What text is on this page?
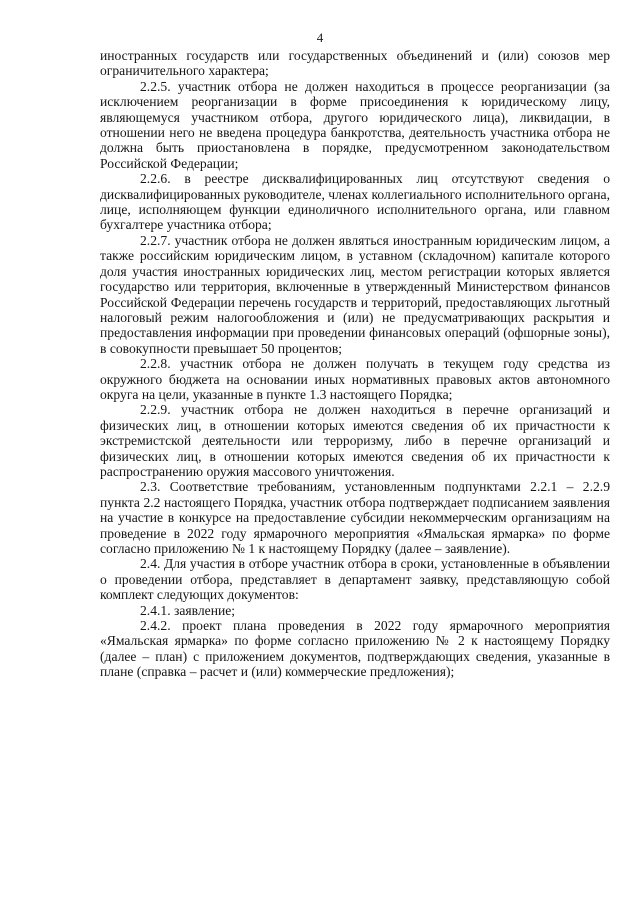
4

иностранных государств или государственных объединений и (или) союзов мер ограничительного характера;

2.2.5. участник отбора не должен находиться в процессе реорганизации (за исключением реорганизации в форме присоединения к юридическому лицу, являющемуся участником отбора, другого юридического лица), ликвидации, в отношении него не введена процедура банкротства, деятельность участника отбора не должна быть приостановлена в порядке, предусмотренном законодательством Российской Федерации;

2.2.6. в реестре дисквалифицированных лиц отсутствуют сведения о дисквалифицированных руководителе, членах коллегиального исполнительного органа, лице, исполняющем функции единоличного исполнительного органа, или главном бухгалтере участника отбора;

2.2.7. участник отбора не должен являться иностранным юридическим лицом, а также российским юридическим лицом, в уставном (складочном) капитале которого доля участия иностранных юридических лиц, местом регистрации которых является государство или территория, включенные в утвержденный Министерством финансов Российской Федерации перечень государств и территорий, предоставляющих льготный налоговый режим налогообложения и (или) не предусматривающих раскрытия и предоставления информации при проведении финансовых операций (офшорные зоны), в совокупности превышает 50 процентов;

2.2.8. участник отбора не должен получать в текущем году средства из окружного бюджета на основании иных нормативных правовых актов автономного округа на цели, указанные в пункте 1.3 настоящего Порядка;

2.2.9. участник отбора не должен находиться в перечне организаций и физических лиц, в отношении которых имеются сведения об их причастности к экстремистской деятельности или терроризму, либо в перечне организаций и физических лиц, в отношении которых имеются сведения об их причастности к распространению оружия массового уничтожения.

2.3. Соответствие требованиям, установленным подпунктами 2.2.1 – 2.2.9 пункта 2.2 настоящего Порядка, участник отбора подтверждает подписанием заявления на участие в конкурсе на предоставление субсидии некоммерческим организациям на проведение в 2022 году ярмарочного мероприятия «Ямальская ярмарка» по форме согласно приложению № 1 к настоящему Порядку (далее – заявление).

2.4. Для участия в отборе участник отбора в сроки, установленные в объявлении о проведении отбора, представляет в департамент заявку, представляющую собой комплект следующих документов:

2.4.1. заявление;

2.4.2. проект плана проведения в 2022 году ярмарочного мероприятия «Ямальская ярмарка» по форме согласно приложению № 2 к настоящему Порядку (далее – план) с приложением документов, подтверждающих сведения, указанные в плане (справка – расчет и (или) коммерческие предложения);
